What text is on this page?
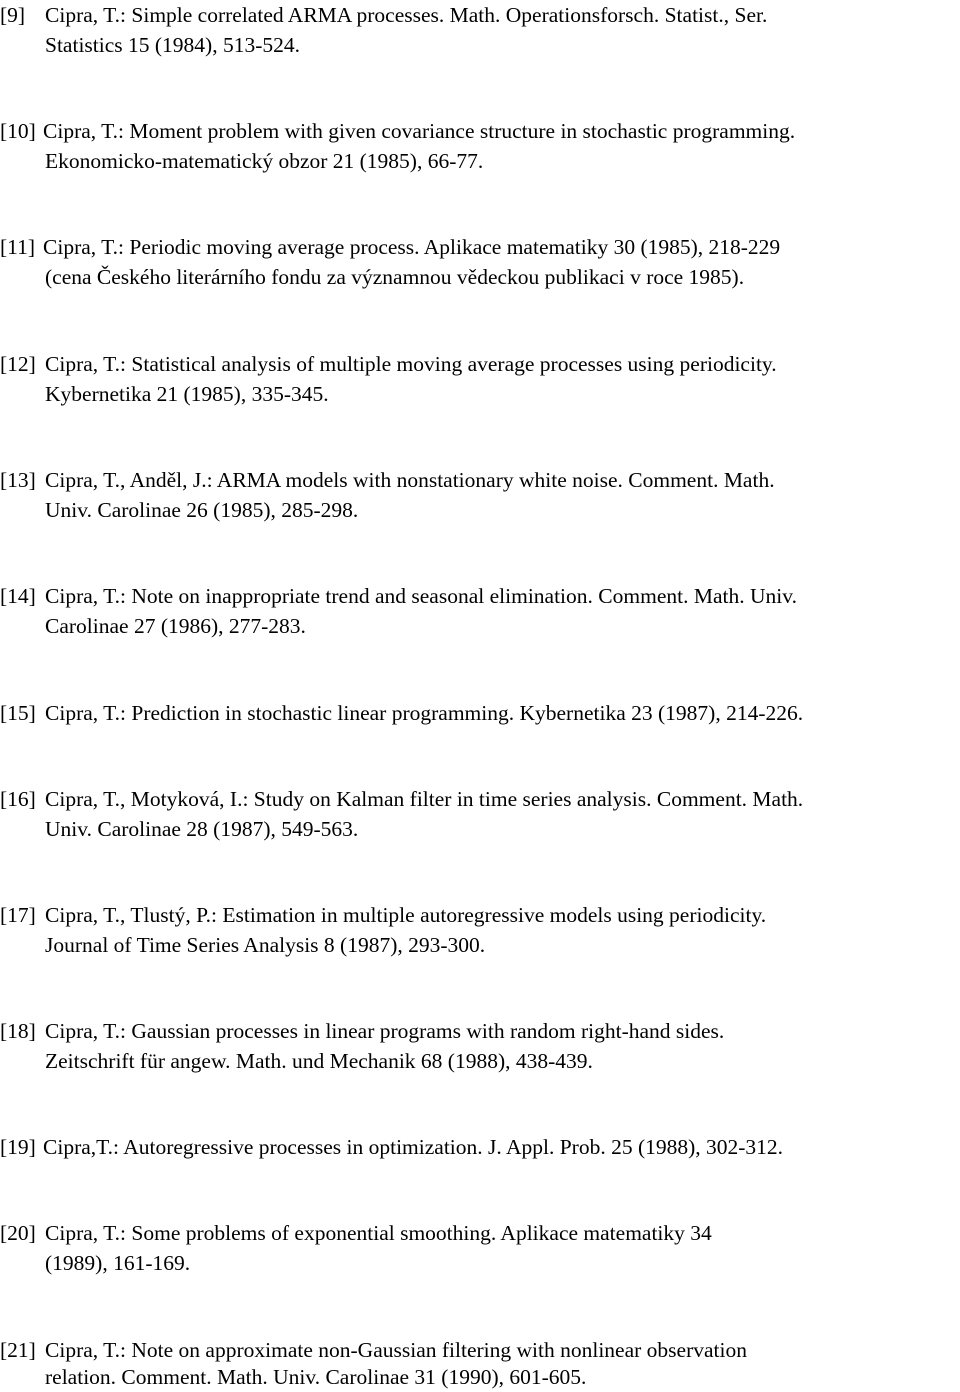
[9] Cipra, T.: Simple correlated ARMA processes. Math. Operationsforsch. Statist., Ser.
Statistics 15 (1984), 513-524.
[10] Cipra, T.: Moment problem with given covariance structure in stochastic programming.
Ekonomicko-matematický obzor 21 (1985), 66-77.
[11] Cipra, T.: Periodic moving average process. Aplikace matematiky 30 (1985), 218-229
(cena Českého literárního fondu za významnou vědeckou publikaci v roce 1985).
[12] Cipra, T.: Statistical analysis of multiple moving average processes using periodicity.
Kybernetika 21 (1985), 335-345.
[13] Cipra, T., Anděl, J.: ARMA models with nonstationary white noise. Comment. Math.
Univ. Carolinae 26 (1985), 285-298.
[14] Cipra, T.: Note on inappropriate trend and seasonal elimination. Comment. Math. Univ.
Carolinae 27 (1986), 277-283.
[15] Cipra, T.: Prediction in stochastic linear programming. Kybernetika 23 (1987), 214-226.
[16] Cipra, T., Motyková, I.: Study on Kalman filter in time series analysis. Comment. Math.
Univ. Carolinae 28 (1987), 549-563.
[17] Cipra, T., Tlustý, P.: Estimation in multiple autoregressive models using periodicity.
Journal of Time Series Analysis 8 (1987), 293-300.
[18] Cipra, T.: Gaussian processes in linear programs with random right-hand sides.
Zeitschrift für angew. Math. und Mechanik 68 (1988), 438-439.
[19] Cipra,T.: Autoregressive processes in optimization. J. Appl. Prob. 25 (1988), 302-312.
[20] Cipra, T.: Some problems of exponential smoothing. Aplikace matematiky 34
(1989), 161-169.
[21] Cipra, T.: Note on approximate non-Gaussian filtering with nonlinear observation
relation. Comment. Math. Univ. Carolinae 31 (1990), 601-605.
